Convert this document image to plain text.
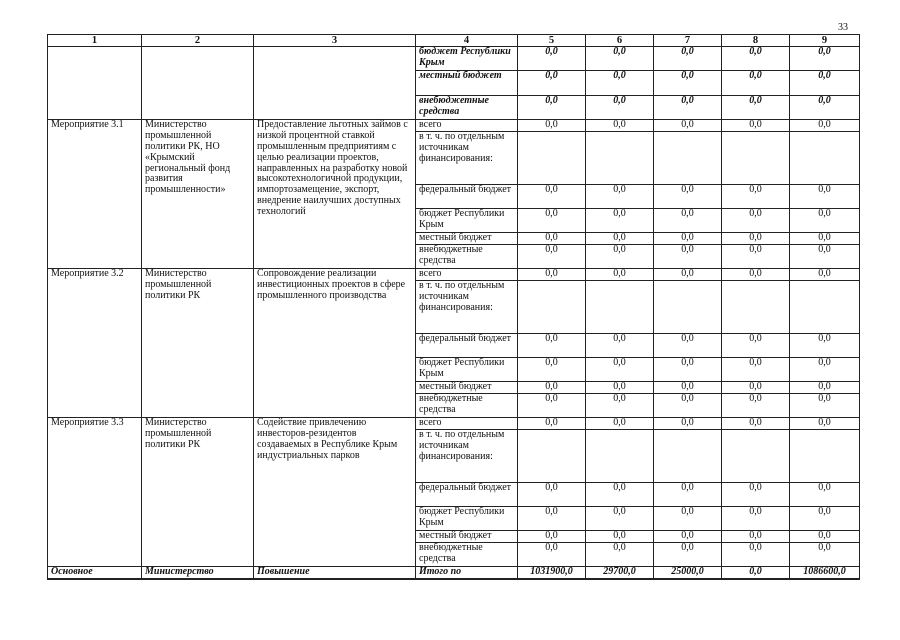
33
1	2	3	4	5	6	7	8	9
			бюджет Республики Крым	0,0	0,0	0,0	0,0	0,0
			местный бюджет	0,0	0,0	0,0	0,0	0,0
			внебюджетные средства	0,0	0,0	0,0	0,0	0,0
Мероприятие 3.1	Министерство промышленной политики РК, НО «Крымский региональный фонд развития промышленности»	Предоставление льготных займов с низкой процентной ставкой промышленным предприятиям с целью реализации проектов, направленных на разработку новой высокотехнологичной продукции, импортозамещение, экспорт, внедрение наилучших доступных технологий	всего	0,0	0,0	0,0	0,0	0,0
			в т. ч. по отдельным источникам финансирования:					
			федеральный бюджет	0,0	0,0	0,0	0,0	0,0
			бюджет Республики Крым	0,0	0,0	0,0	0,0	0,0
			местный бюджет	0,0	0,0	0,0	0,0	0,0
			внебюджетные средства	0,0	0,0	0,0	0,0	0,0
Мероприятие 3.2	Министерство промышленной политики РК	Сопровождение реализации инвестиционных проектов в сфере промышленного производства	всего	0,0	0,0	0,0	0,0	0,0
			в т. ч. по отдельным источникам финансирования:					
			федеральный бюджет	0,0	0,0	0,0	0,0	0,0
			бюджет Республики Крым	0,0	0,0	0,0	0,0	0,0
			местный бюджет	0,0	0,0	0,0	0,0	0,0
			внебюджетные средства	0,0	0,0	0,0	0,0	0,0
Мероприятие 3.3	Министерство промышленной политики РК	Содействие привлечению инвесторов-резидентов создаваемых в Республике Крым индустриальных парков	всего	0,0	0,0	0,0	0,0	0,0
			в т. ч. по отдельным источникам финансирования:					
			федеральный бюджет	0,0	0,0	0,0	0,0	0,0
			бюджет Республики Крым	0,0	0,0	0,0	0,0	0,0
			местный бюджет	0,0	0,0	0,0	0,0	0,0
			внебюджетные средства	0,0	0,0	0,0	0,0	0,0
Основное	Министерство	Повышение	Итого по	1031900,0	29700,0	25000,0	0,0	1086600,0
